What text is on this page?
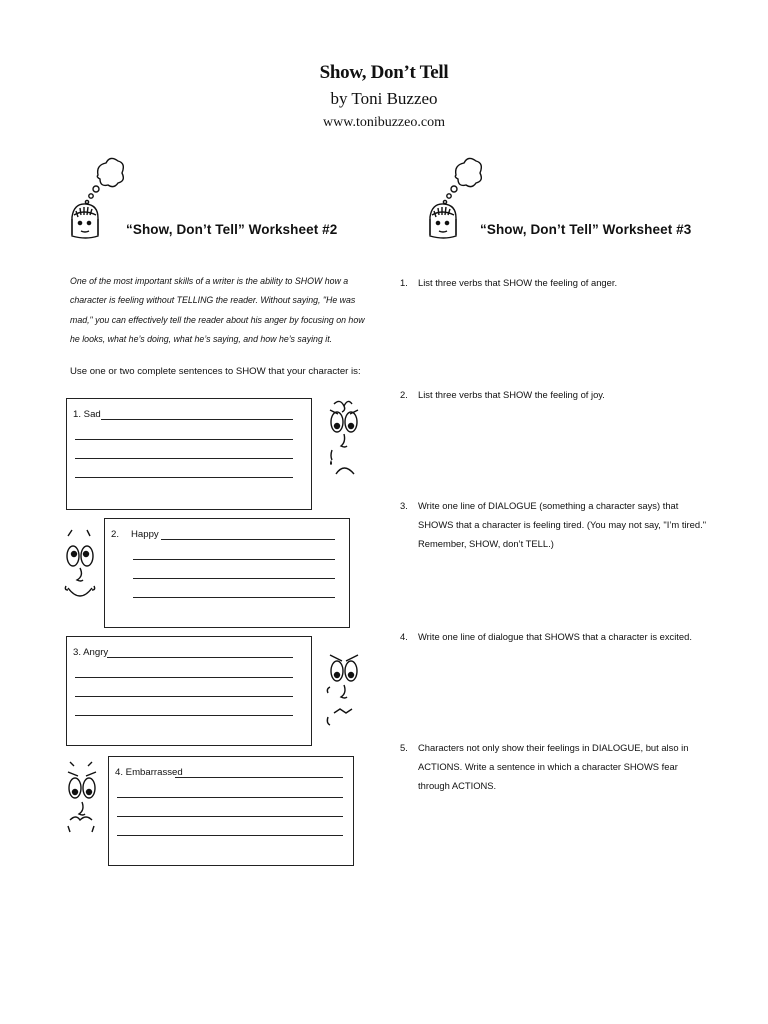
Show, Don’t Tell
by Toni Buzzeo
www.tonibuzzeo.com
“Show, Don’t Tell” Worksheet #2	“Show, Don’t Tell” Worksheet #3
One of the most important skills of a writer is the ability to SHOW how a character is feeling without TELLING the reader. Without saying, "He was mad," you can effectively tell the reader about his anger by focusing on how he looks, what he’s doing, what he’s saying, and how he’s saying it.
Use one or two complete sentences to SHOW that your character is:
1. Sad
2. Happy
3. Angry
4. Embarrassed
1. List three verbs that SHOW the feeling of anger.
2. List three verbs that SHOW the feeling of joy.
3. Write one line of DIALOGUE (something a character says) that SHOWS that a character is feeling tired. (You may not say, "I’m tired." Remember, SHOW, don’t TELL.)
4. Write one line of dialogue that SHOWS that a character is excited.
5. Characters not only show their feelings in DIALOGUE, but also in ACTIONS. Write a sentence in which a character SHOWS fear through ACTIONS.
